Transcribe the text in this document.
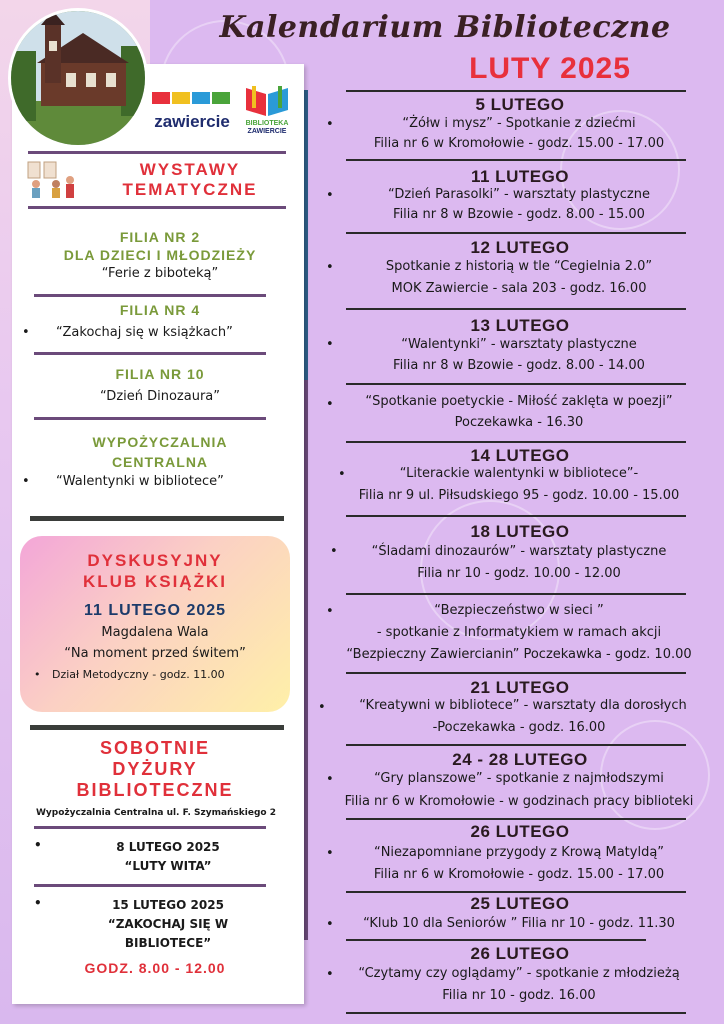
Kalendarium Biblioteczne
LUTY 2025
zawiercie	BIBLIOTEKA
ZAWIERCIE
WYSTAWY
TEMATYCZNE
FILIA NR 2
DLA DZIECI I MŁODZIEŻY
“Ferie z biboteką”
FILIA NR 4
• “Zakochaj się w książkach”
FILIA NR 10
“Dzień Dinozaura”
WYPOŻYCZALNIA
CENTRALNA
• “Walentynki w bibliotece”
DYSKUSYJNY
KLUB KSIĄŻKI
11 LUTEGO 2025
Magdalena Wala
“Na moment przed świtem”
• Dział Metodyczny - godz. 11.00
SOBOTNIE
DYŻURY
BIBLIOTECZNE
Wypożyczalnia Centralna ul. F. Szymańskiego 2
•	8 LUTEGO 2025
“LUTY WITA”
•	15 LUTEGO 2025
“ZAKOCHAJ SIĘ W
BIBLIOTECE”
GODZ. 8.00 - 12.00
5 LUTEGO
•	“Żółw i mysz” - Spotkanie z dziećmi
Filia nr 6 w Kromołowie - godz. 15.00 - 17.00
11 LUTEGO
•	“Dzień Parasolki” - warsztaty plastyczne
Filia nr 8 w Bzowie - godz. 8.00 - 15.00
12 LUTEGO
•	Spotkanie z historią w tle “Cegielnia 2.0”
MOK Zawiercie - sala 203 - godz. 16.00
13 LUTEGO
•	“Walentynki” - warsztaty plastyczne
Filia nr 8 w Bzowie - godz. 8.00 - 14.00
•	“Spotkanie poetyckie - Miłość zaklęta w poezji”
Poczekawka - 16.30
14 LUTEGO
•	“Literackie walentynki w bibliotece”-
Filia nr 9 ul. Piłsudskiego 95 - godz. 10.00 - 15.00
18 LUTEGO
•	“Śladami dinozaurów” - warsztaty plastyczne
Filia nr 10 - godz. 10.00 - 12.00
•	“Bezpieczeństwo w sieci ”
- spotkanie z Informatykiem w ramach akcji
“Bezpieczny Zawiercianin” Poczekawka - godz. 10.00
21 LUTEGO
•	“Kreatywni w bibliotece” - warsztaty dla dorosłych
-Poczekawka - godz. 16.00
24 - 28 LUTEGO
•	“Gry planszowe” - spotkanie z najmłodszymi
Filia nr 6 w Kromołowie - w godzinach pracy biblioteki
26 LUTEGO
•	“Niezapomniane przygody z Krową Matyldą”
Filia nr 6 w Kromołowie - godz. 15.00 - 17.00
25 LUTEGO
•	“Klub 10 dla Seniorów ” Filia nr 10 - godz. 11.30
26 LUTEGO
•	“Czytamy czy oglądamy” - spotkanie z młodzieżą
Filia nr 10 - godz. 16.00
